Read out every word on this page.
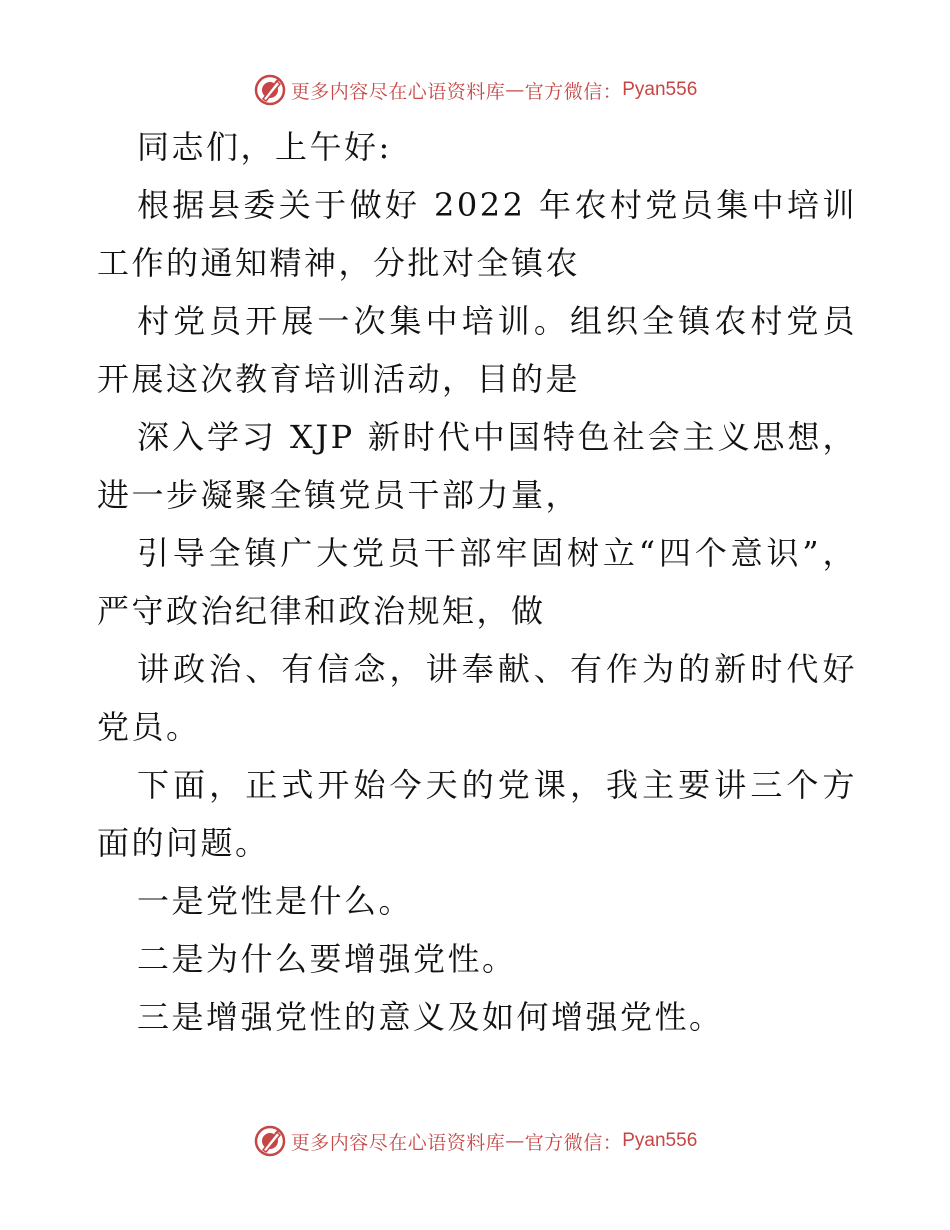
更多内容尽在心语资料库 — 官方微信： Pyan556

同志们，上午好:

根据县委关于做好 2022 年农村党员集中培训工作的通知精神，分批对全镇农

村党员开展一次集中培训。组织全镇农村党员开展这次教育培训活动，目的是

深入学习 XJP 新时代中国特色社会主义思想，进一步凝聚全镇党员干部力量，

引导全镇广大党员干部牢固树立“四个意识”，严守政治纪律和政治规矩，做

讲政治、有信念，讲奉献、有作为的新时代好党员。

下面，正式开始今天的党课，我主要讲三个方面的问题。

一是党性是什么。

二是为什么要增强党性。

三是增强党性的意义及如何增强党性。

更多内容尽在心语资料库 — 官方微信： Pyan556
